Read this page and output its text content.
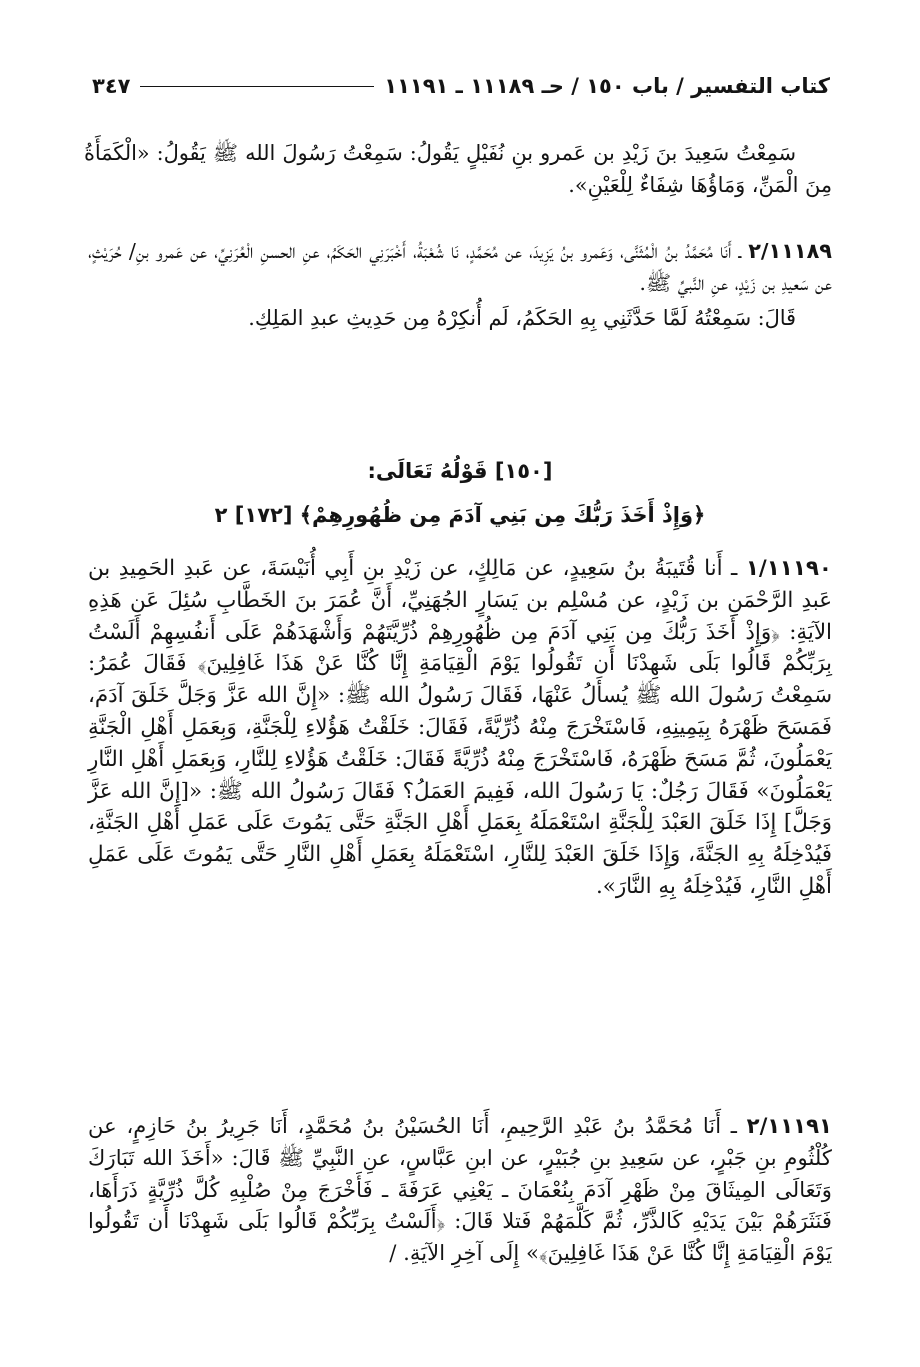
كتاب التفسير / باب ١٥٠ / حـ ١١١٨٩ ـ ١١١٩١
٣٤٧

سَمِعْتُ سَعِيدَ بنَ زَيْدِ بن عَمرو بنِ نُفَيْلٍ يَقُولُ: سَمِعْتُ رَسُولَ الله ﷺ يَقُولُ: «الْكَمَأَةُ مِنَ الْمَنِّ، وَمَاؤُهَا شِفَاءٌ لِلْعَيْنِ».

٢/١١١٨٩ ـ أَنَا مُحَمَّدُ بنُ الْمُثَنَّى، وَعَمرو بنُ يَزِيدَ، عن مُحَمَّدٍ، نَا شُعْبَةُ، أَخْبَرَنِي الحَكَمُ، عنِ الحسنِ الْعُرَنِيِّ، عن عَمرو بنِ/ حُرَيْثٍ، عن سَعيدِ بن زَيْدٍ، عنِ النَّبيِّ ﷺ.

قَالَ: سَمِعْتُهُ لَمَّا حَدَّثَنِي بِهِ الحَكَمُ، لَم أُنكِرْهُ مِن حَدِيثِ عبدِ المَلِكِ.

[١٥٠] قَوْلُهُ تَعَالَى:
﴿وَإِذْ أَخَذَ رَبُّكَ مِن بَنِي آدَمَ مِن ظُهُورِهِمْ﴾ [١٧٢] ٢

١/١١١٩٠ ـ أَنا قُتَيبَةُ بنُ سَعِيدٍ، عن مَالِكٍ، عن زَيْدِ بنِ أَبِي أُنَيْسَةَ، عن عَبدِ الحَمِيدِ بن عَبدِ الرَّحْمَنِ بن زَيْدٍ، عن مُسْلِم بن يَسَارٍ الجُهَنِيِّ، أَنَّ عُمَرَ بنَ الخَطَّابِ سُئِلَ عَن هَذِهِ الآيَةِ: ﴿وَإِذْ أَخَذَ رَبُّكَ مِن بَنِي آدَمَ مِن ظُهُورِهِمْ ذُرِّيَّتَهُمْ وَأَشْهَدَهُمْ عَلَى أَنفُسِهِمْ أَلَسْتُ بِرَبِّكُمْ قَالُوا بَلَى شَهِدْنَا أَن تَقُولُوا يَوْمَ الْقِيَامَةِ إِنَّا كُنَّا عَنْ هَذَا غَافِلِينَ﴾ فَقَالَ عُمَرُ: سَمِعْتُ رَسُولَ الله ﷺ يُسأَلُ عَنْهَا، فَقَالَ رَسُولُ الله ﷺ: «إِنَّ الله عَزَّ وَجَلَّ خَلَقَ آدَمَ، فَمَسَحَ ظَهْرَهُ بِيَمِينِهِ، فَاسْتَخْرَجَ مِنْهُ ذُرِّيَّةً، فَقَالَ: خَلَقْتُ هَؤُلاءِ لِلْجَنَّةِ، وَبِعَمَلِ أَهْلِ الْجَنَّةِ يَعْمَلُونَ، ثُمَّ مَسَحَ ظَهْرَهُ، فَاسْتَخْرَجَ مِنْهُ ذُرِّيَّةً فَقَالَ: خَلَقْتُ هَؤُلاءِ لِلنَّارِ، وَبِعَمَلِ أَهْلِ النَّارِ يَعْمَلُونَ» فَقَالَ رَجُلٌ: يَا رَسُولَ الله، فَفِيمَ العَمَلُ؟ فَقَالَ رَسُولُ الله ﷺ: «[إِنَّ الله عَزَّ وَجَلَّ] إِذَا خَلَقَ العَبْدَ لِلْجَنَّةِ اسْتَعْمَلَهُ بِعَمَلِ أَهْلِ الجَنَّةِ حَتَّى يَمُوتَ عَلَى عَمَلِ أَهْلِ الجَنَّةِ، فَيُدْخِلَهُ بِهِ الجَنَّةَ، وَإِذَا خَلَقَ العَبْدَ لِلنَّارِ، اسْتَعْمَلَهُ بِعَمَلِ أَهْلِ النَّارِ حَتَّى يَمُوتَ عَلَى عَمَلِ أَهْلِ النَّارِ، فَيُدْخِلَهُ بِهِ النَّارَ».

٢/١١١٩١ ـ أَنَا مُحَمَّدُ بنُ عَبْدِ الرَّحِيمِ، أَنَا الحُسَيْنُ بنُ مُحَمَّدٍ، أَنَا جَرِيرُ بنُ حَازِمٍ، عن كُلْثُومِ بنِ جَبْرٍ، عن سَعِيدِ بنِ جُبَيْرٍ، عن ابنِ عَبَّاسٍ، عنِ النَّبِيِّ ﷺ قَالَ: «أَخَذَ الله تَبَارَكَ وَتَعَالَى المِيثَاقَ مِنْ ظَهْرِ آدَمَ بِنُعْمَانَ ـ يَعْنِي عَرَفَةَ ـ فَأَخْرَجَ مِنْ صُلْبِهِ كُلَّ ذُرِّيَّةٍ ذَرَأَهَا، فَنَثَرَهُمْ بَيْنَ يَدَيْهِ كَالذَّرِّ، ثُمَّ كَلَّمَهُمْ فَتلا قَالَ: ﴿أَلَسْتُ بِرَبِّكُمْ قَالُوا بَلَى شَهِدْنَا أَن تَقُولُوا يَوْمَ الْقِيَامَةِ إِنَّا كُنَّا عَنْ هَذَا غَافِلِينَ﴾» إِلَى آخِرِ الآيَةِ. /
